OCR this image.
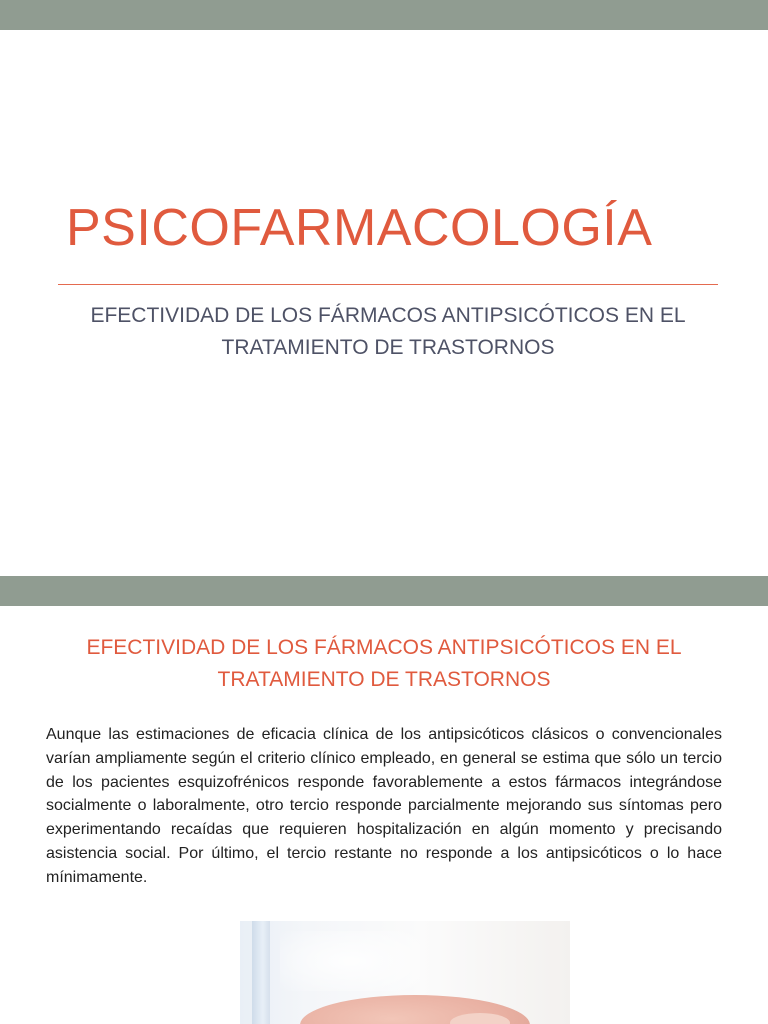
PSICOFARMACOLOGÍA

EFECTIVIDAD DE LOS FÁRMACOS ANTIPSICÓTICOS EN EL TRATAMIENTO DE TRASTORNOS

EFECTIVIDAD DE LOS FÁRMACOS ANTIPSICÓTICOS EN EL TRATAMIENTO DE TRASTORNOS

Aunque las estimaciones de eficacia clínica de los antipsicóticos clásicos o convencionales varían ampliamente según el criterio clínico empleado, en general se estima que sólo un tercio de los pacientes esquizofrénicos responde favorablemente a estos fármacos integrándose socialmente o laboralmente, otro tercio responde parcialmente mejorando sus síntomas pero experimentando recaídas que requieren hospitalización en algún momento y precisando asistencia social. Por último, el tercio restante no responde a los antipsicóticos o lo hace mínimamente.
